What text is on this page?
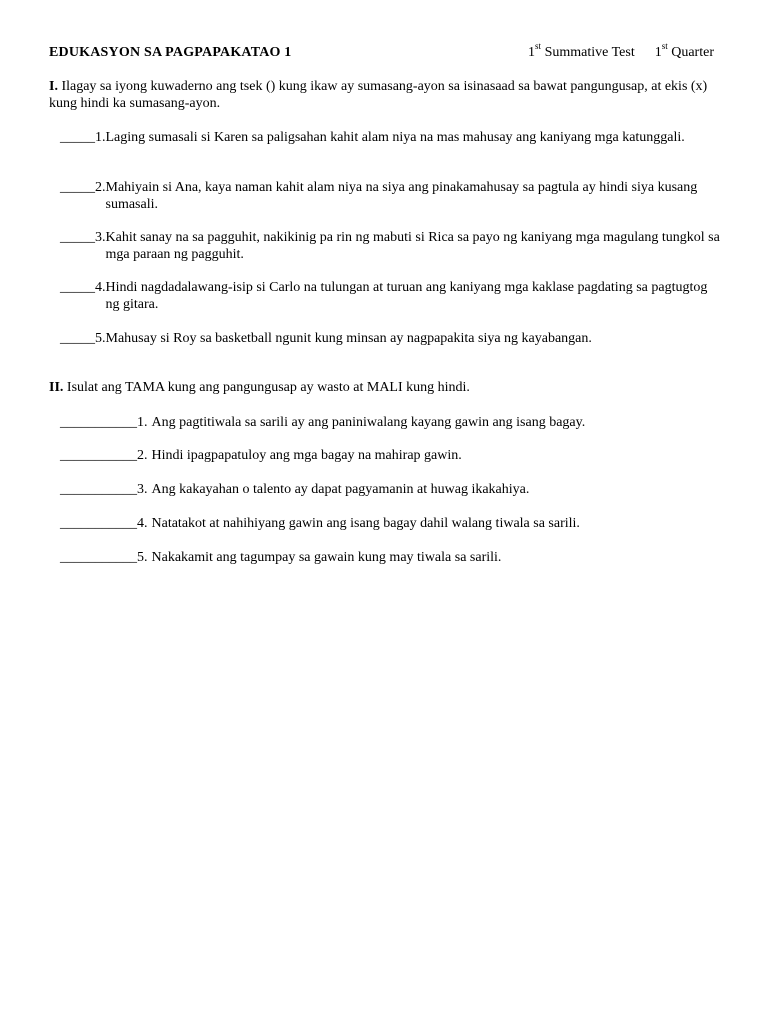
EDUKASYON SA PAGPAPAKATAO 1	1st Summative Test 1st Quarter
I. Ilagay sa iyong kuwaderno ang tsek () kung ikaw ay sumasang-ayon sa isinasaad sa bawat pangungusap, at ekis (x) kung hindi ka sumasang-ayon.
_____1. Laging sumasali si Karen sa paligsahan kahit alam niya na mas mahusay ang kaniyang mga katunggali.
_____2. Mahiyain si Ana, kaya naman kahit alam niya na siya ang pinakamahusay sa pagtula ay hindi siya kusang sumasali.
_____3. Kahit sanay na sa pagguhit, nakikinig pa rin ng mabuti si Rica sa payo ng kaniyang mga magulang tungkol sa mga paraan ng pagguhit.
_____4. Hindi nagdadalawang-isip si Carlo na tulungan at turuan ang kaniyang mga kaklase pagdating sa pagtugtog ng gitara.
_____5. Mahusay si Roy sa basketball ngunit kung minsan ay nagpapakita siya ng kayabangan.
II. Isulat ang TAMA kung ang pangungusap ay wasto at MALI kung hindi.
___________1. Ang pagtitiwala sa sarili ay ang paniniwalang kayang gawin ang isang bagay.
___________2. Hindi ipagpapatuloy ang mga bagay na mahirap gawin.
___________3. Ang kakayahan o talento ay dapat pagyamanin at huwag ikakahiya.
___________4. Natatakot at nahihiyang gawin ang isang bagay dahil walang tiwala sa sarili.
___________5. Nakakamit ang tagumpay sa gawain kung may tiwala sa sarili.
